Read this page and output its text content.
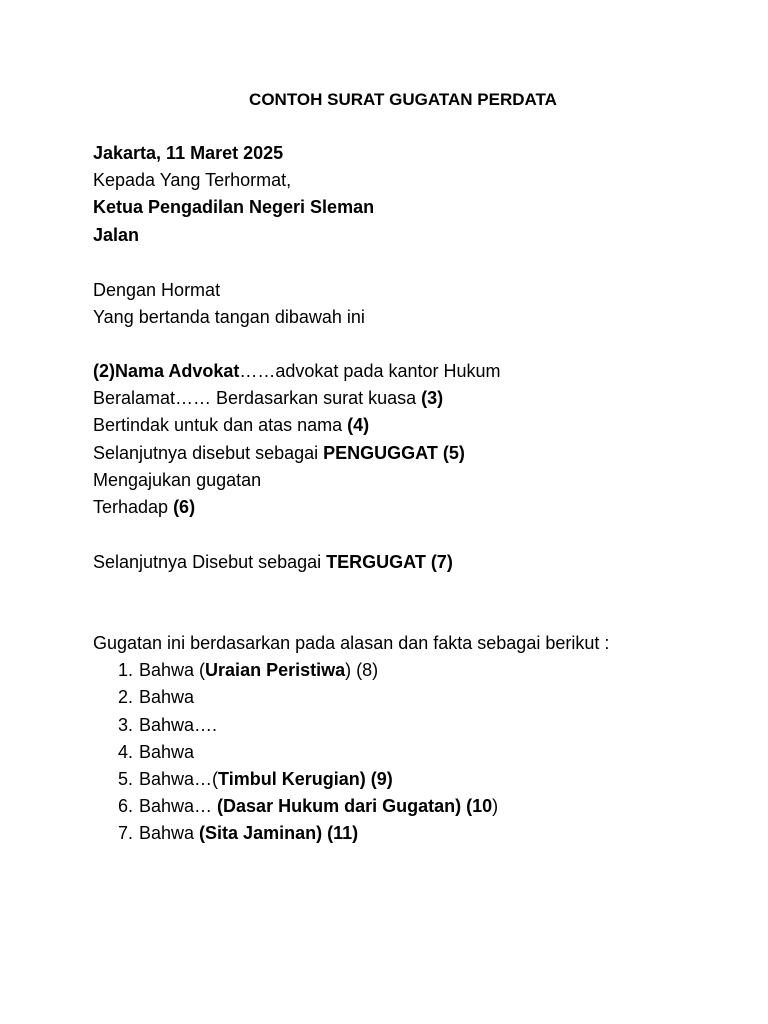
CONTOH SURAT GUGATAN PERDATA
Jakarta, 11 Maret 2025
Kepada Yang Terhormat,
Ketua Pengadilan Negeri Sleman
Jalan
Dengan Hormat
Yang bertanda tangan dibawah ini
(2)Nama Advokat……advokat pada kantor Hukum
Beralamat…… Berdasarkan surat kuasa (3)
Bertindak untuk dan atas nama (4)
Selanjutnya disebut sebagai PENGUGGAT (5)
Mengajukan gugatan
Terhadap (6)
Selanjutnya Disebut sebagai TERGUGAT (7)
Gugatan ini berdasarkan pada alasan dan fakta sebagai berikut :
1. Bahwa (Uraian Peristiwa) (8)
2. Bahwa
3. Bahwa….
4. Bahwa
5. Bahwa…(Timbul Kerugian) (9)
6. Bahwa… (Dasar Hukum dari Gugatan) (10)
7. Bahwa (Sita Jaminan) (11)
